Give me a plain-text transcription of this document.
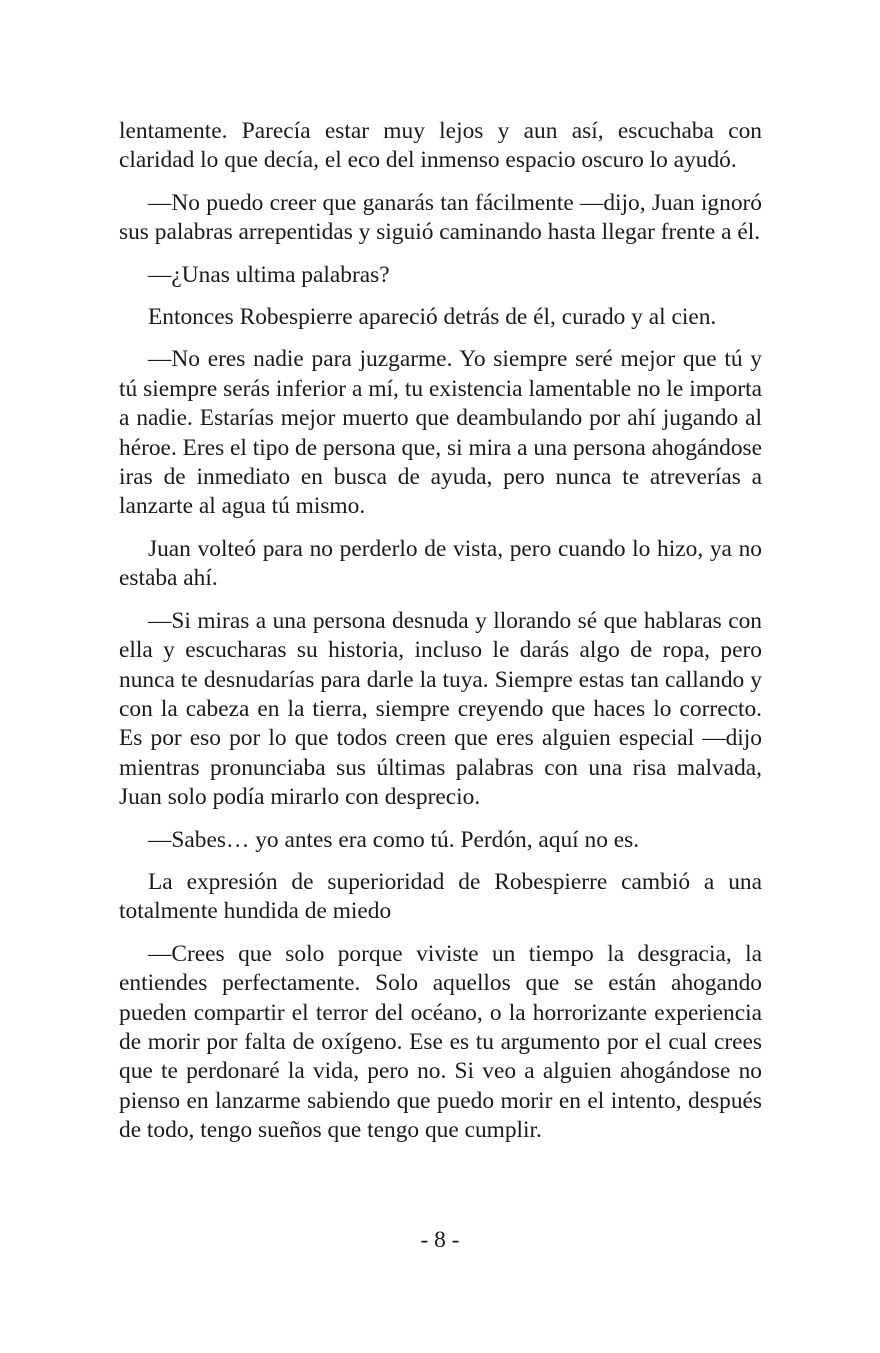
lentamente. Parecía estar muy lejos y aun así, escuchaba con claridad lo que decía, el eco del inmenso espacio oscuro lo ayudó.

—No puedo creer que ganarás tan fácilmente —dijo, Juan ignoró sus palabras arrepentidas y siguió caminando hasta llegar frente a él.

—¿Unas ultima palabras?

Entonces Robespierre apareció detrás de él, curado y al cien.

—No eres nadie para juzgarme. Yo siempre seré mejor que tú y tú siempre serás inferior a mí, tu existencia lamentable no le importa a nadie. Estarías mejor muerto que deambulando por ahí jugando al héroe. Eres el tipo de persona que, si mira a una persona ahogándose iras de inmediato en busca de ayuda, pero nunca te atreverías a lanzarte al agua tú mismo.

Juan volteó para no perderlo de vista, pero cuando lo hizo, ya no estaba ahí.

—Si miras a una persona desnuda y llorando sé que hablaras con ella y escucharas su historia, incluso le darás algo de ropa, pero nunca te desnudarías para darle la tuya. Siempre estas tan callando y con la cabeza en la tierra, siempre creyendo que haces lo correcto. Es por eso por lo que todos creen que eres alguien especial —dijo mientras pronunciaba sus últimas palabras con una risa malvada, Juan solo podía mirarlo con desprecio.

—Sabes… yo antes era como tú. Perdón, aquí no es.

La expresión de superioridad de Robespierre cambió a una totalmente hundida de miedo

—Crees que solo porque viviste un tiempo la desgracia, la entiendes perfectamente. Solo aquellos que se están ahogando pueden compartir el terror del océano, o la horrorizante experiencia de morir por falta de oxígeno. Ese es tu argumento por el cual crees que te perdonaré la vida, pero no. Si veo a alguien ahogándose no pienso en lanzarme sabiendo que puedo morir en el intento, después de todo, tengo sueños que tengo que cumplir.

- 8 -
